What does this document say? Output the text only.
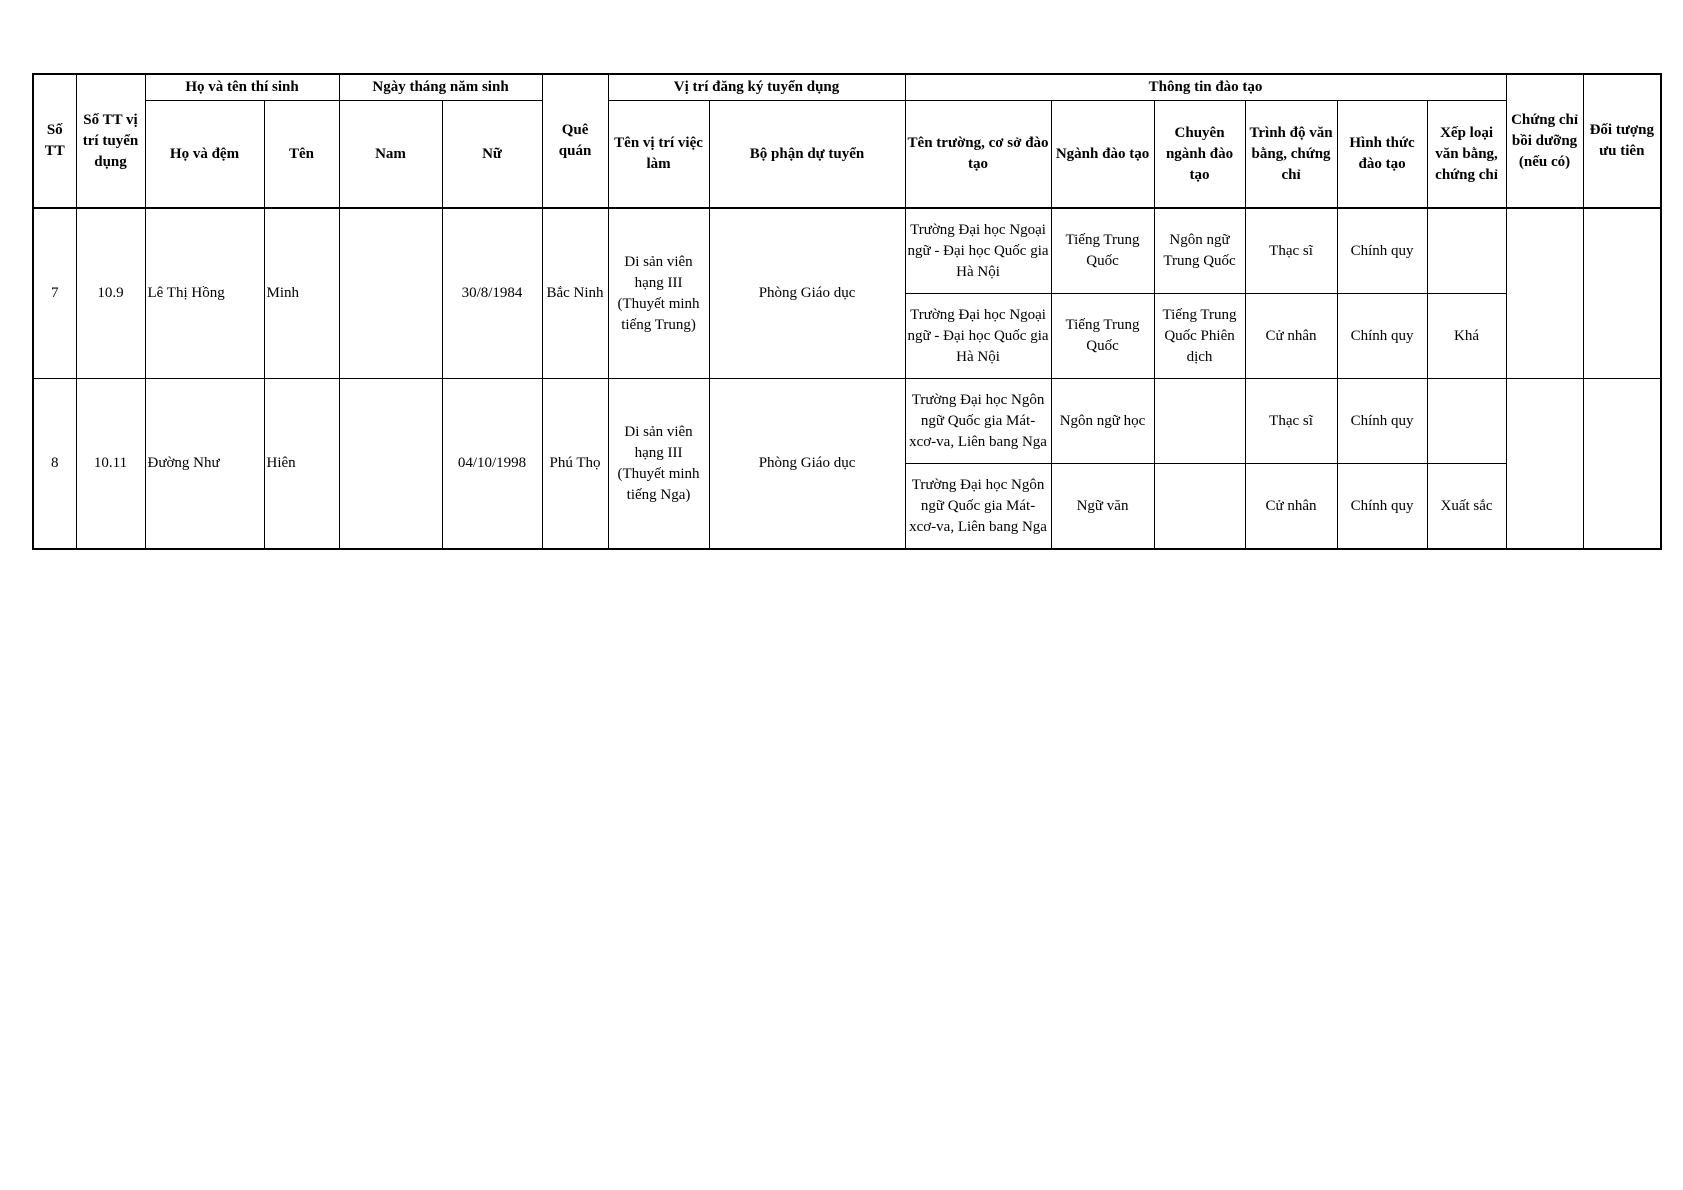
Số TT	Số TT vị trí tuyển dụng	Họ và tên thí sinh		Ngày tháng năm sinh		Quê quán	Vị trí đăng ký tuyển dụng		Thông tin đào tạo						Chứng chỉ bồi dưỡng (nếu có)	Đối tượng ưu tiên
		Họ và đệm	Tên	Nam	Nữ		Tên vị trí việc làm	Bộ phận dự tuyển	Tên trường, cơ sở đào tạo	Ngành đào tạo	Chuyên ngành đào tạo	Trình độ văn bằng, chứng chỉ	Hình thức đào tạo	Xếp loại văn bằng, chứng chỉ		
7	10.9	Lê Thị Hồng	Minh		30/8/1984	Bắc Ninh	Di sản viên hạng III (Thuyết minh tiếng Trung)	Phòng Giáo dục	Trường Đại học Ngoại ngữ - Đại học Quốc gia Hà Nội	Tiếng Trung Quốc	Ngôn ngữ Trung Quốc	Thạc sĩ	Chính quy			
									Trường Đại học Ngoại ngữ - Đại học Quốc gia Hà Nội	Tiếng Trung Quốc	Tiếng Trung Quốc Phiên dịch	Cử nhân	Chính quy	Khá		
8	10.11	Đường Như	Hiên		04/10/1998	Phú Thọ	Di sản viên hạng III (Thuyết minh tiếng Nga)	Phòng Giáo dục	Trường Đại học Ngôn ngữ Quốc gia Mát-xcơ-va, Liên bang Nga	Ngôn ngữ học		Thạc sĩ	Chính quy			
									Trường Đại học Ngôn ngữ Quốc gia Mát-xcơ-va, Liên bang Nga	Ngữ văn		Cử nhân	Chính quy	Xuất sắc		
